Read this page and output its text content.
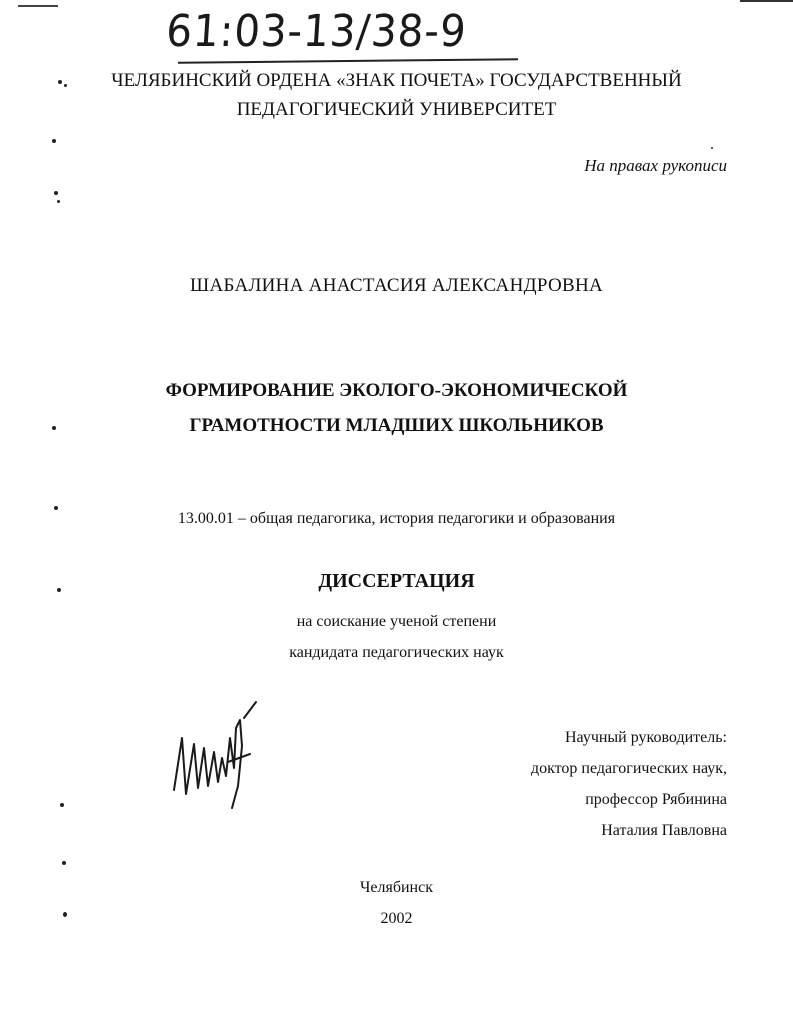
61:03-13/38-9
ЧЕЛЯБИНСКИЙ ОРДЕНА «ЗНАК ПОЧЕТА» ГОСУДАРСТВЕННЫЙ
ПЕДАГОГИЧЕСКИЙ УНИВЕРСИТЕТ
На правах рукописи
ШАБАЛИНА АНАСТАСИЯ АЛЕКСАНДРОВНА
ФОРМИРОВАНИЕ ЭКОЛОГО-ЭКОНОМИЧЕСКОЙ
ГРАМОТНОСТИ МЛАДШИХ ШКОЛЬНИКОВ
13.00.01 – общая педагогика, история педагогики и образования
ДИССЕРТАЦИЯ
на соискание ученой степени
кандидата педагогических наук
Научный руководитель:
доктор педагогических наук,
профессор Рябинина
Наталия Павловна
Челябинск
2002
